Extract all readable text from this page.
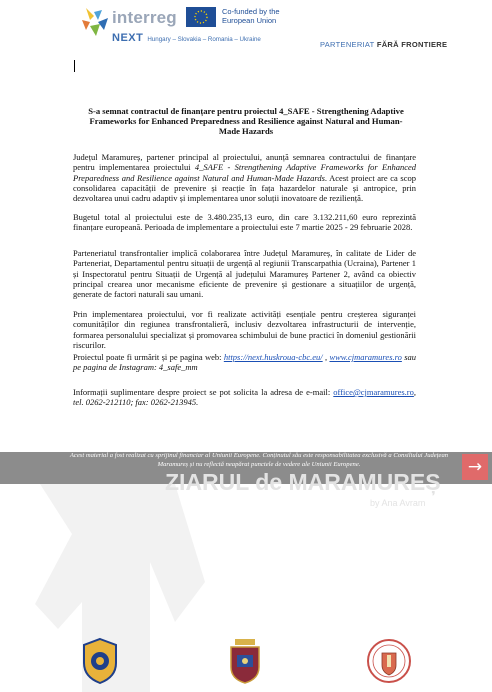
interreg	Co-funded by the European Union
NEXT Hungary – Slovakia – Romania – Ukraine
PARTENERIAT FĂRĂ FRONTIERE
S-a semnat contractul de finanțare pentru proiectul 4_SAFE - Strengthening Adaptive Frameworks for Enhanced Preparedness and Resilience against Natural and Human-Made Hazards

Județul Maramureș, partener principal al proiectului, anunță semnarea contractului de finanțare pentru implementarea proiectului 4_SAFE - Strengthening Adaptive Frameworks for Enhanced Preparedness and Resilience against Natural and Human-Made Hazards. Acest proiect are ca scop consolidarea capacității de prevenire și reacție în fața hazardelor naturale și antropice, prin dezvoltarea unui cadru adaptiv și implementarea unor soluții inovatoare de reziliență.

Bugetul total al proiectului este de 3.480.235,13 euro, din care 3.132.211,60 euro reprezintă finanțare europeană. Perioada de implementare a proiectului este 7 martie 2025 - 29 februarie 2028.

Parteneriatul transfrontalier implică colaborarea între Județul Maramureș, în calitate de Lider de Parteneriat, Departamentul pentru situații de urgență al regiunii Transcarpathia (Ucraina), Partener 1 și Inspectoratul pentru Situații de Urgență al județului Maramureș Partener 2, având ca obiectiv principal crearea unor mecanisme eficiente de prevenire și gestionare a situațiilor de urgență, generate de factori naturali sau umani.

Prin implementarea proiectului, vor fi realizate activități esențiale pentru creșterea siguranței comunităților din regiunea transfrontalieră, inclusiv dezvoltarea infrastructurii de intervenție, formarea personalului specializat și promovarea schimbului de bune practici în domeniul gestionării riscurilor.

Proiectul poate fi urmărit și pe pagina web: https://next.huskroua-cbc.eu/ , www.cjmaramures.ro sau pe pagina de Instagram: 4_safe_mm

Informații suplimentare despre proiect se pot solicita la adresa de e-mail: office@cjmaramures.ro, tel. 0262-212110; fax: 0262-213945.

Acest material a fost realizat cu sprijinul financiar al Uniunii Europene. Conținutul său este responsabilitatea exclusivă a Consiliului Județean Maramureș și nu reflectă neapărat punctele de vedere ale Uniunii Europene.	→
ZIARUL de MARAMUREȘ
by Ana Avram
